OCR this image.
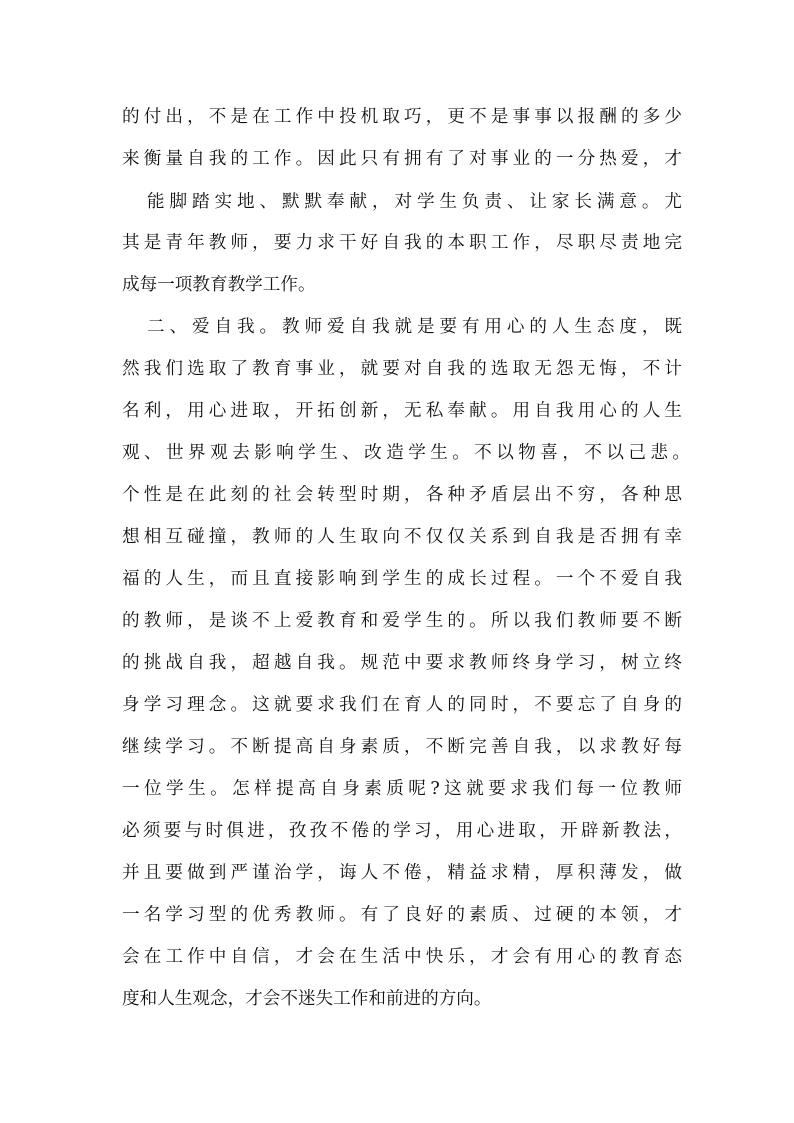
的付出，不是在工作中投机取巧，更不是事事以报酬的多少
来衡量自我的工作。因此只有拥有了对事业的一分热爱，才
能脚踏实地、默默奉献，对学生负责、让家长满意。尤
其是青年教师，要力求干好自我的本职工作，尽职尽责地完
成每一项教育教学工作。
二、爱自我。教师爱自我就是要有用心的人生态度，既
然我们选取了教育事业，就要对自我的选取无怨无悔，不计
名利，用心进取，开拓创新，无私奉献。用自我用心的人生
观、世界观去影响学生、改造学生。不以物喜，不以己悲。
个性是在此刻的社会转型时期，各种矛盾层出不穷，各种思
想相互碰撞，教师的人生取向不仅仅关系到自我是否拥有幸
福的人生，而且直接影响到学生的成长过程。一个不爱自我
的教师，是谈不上爱教育和爱学生的。所以我们教师要不断
的挑战自我，超越自我。规范中要求教师终身学习，树立终
身学习理念。这就要求我们在育人的同时，不要忘了自身的
继续学习。不断提高自身素质，不断完善自我，以求教好每
一位学生。怎样提高自身素质呢?这就要求我们每一位教师
必须要与时俱进，孜孜不倦的学习，用心进取，开辟新教法，
并且要做到严谨治学，诲人不倦，精益求精，厚积薄发，做
一名学习型的优秀教师。有了良好的素质、过硬的本领，才
会在工作中自信，才会在生活中快乐，才会有用心的教育态
度和人生观念，才会不迷失工作和前进的方向。
